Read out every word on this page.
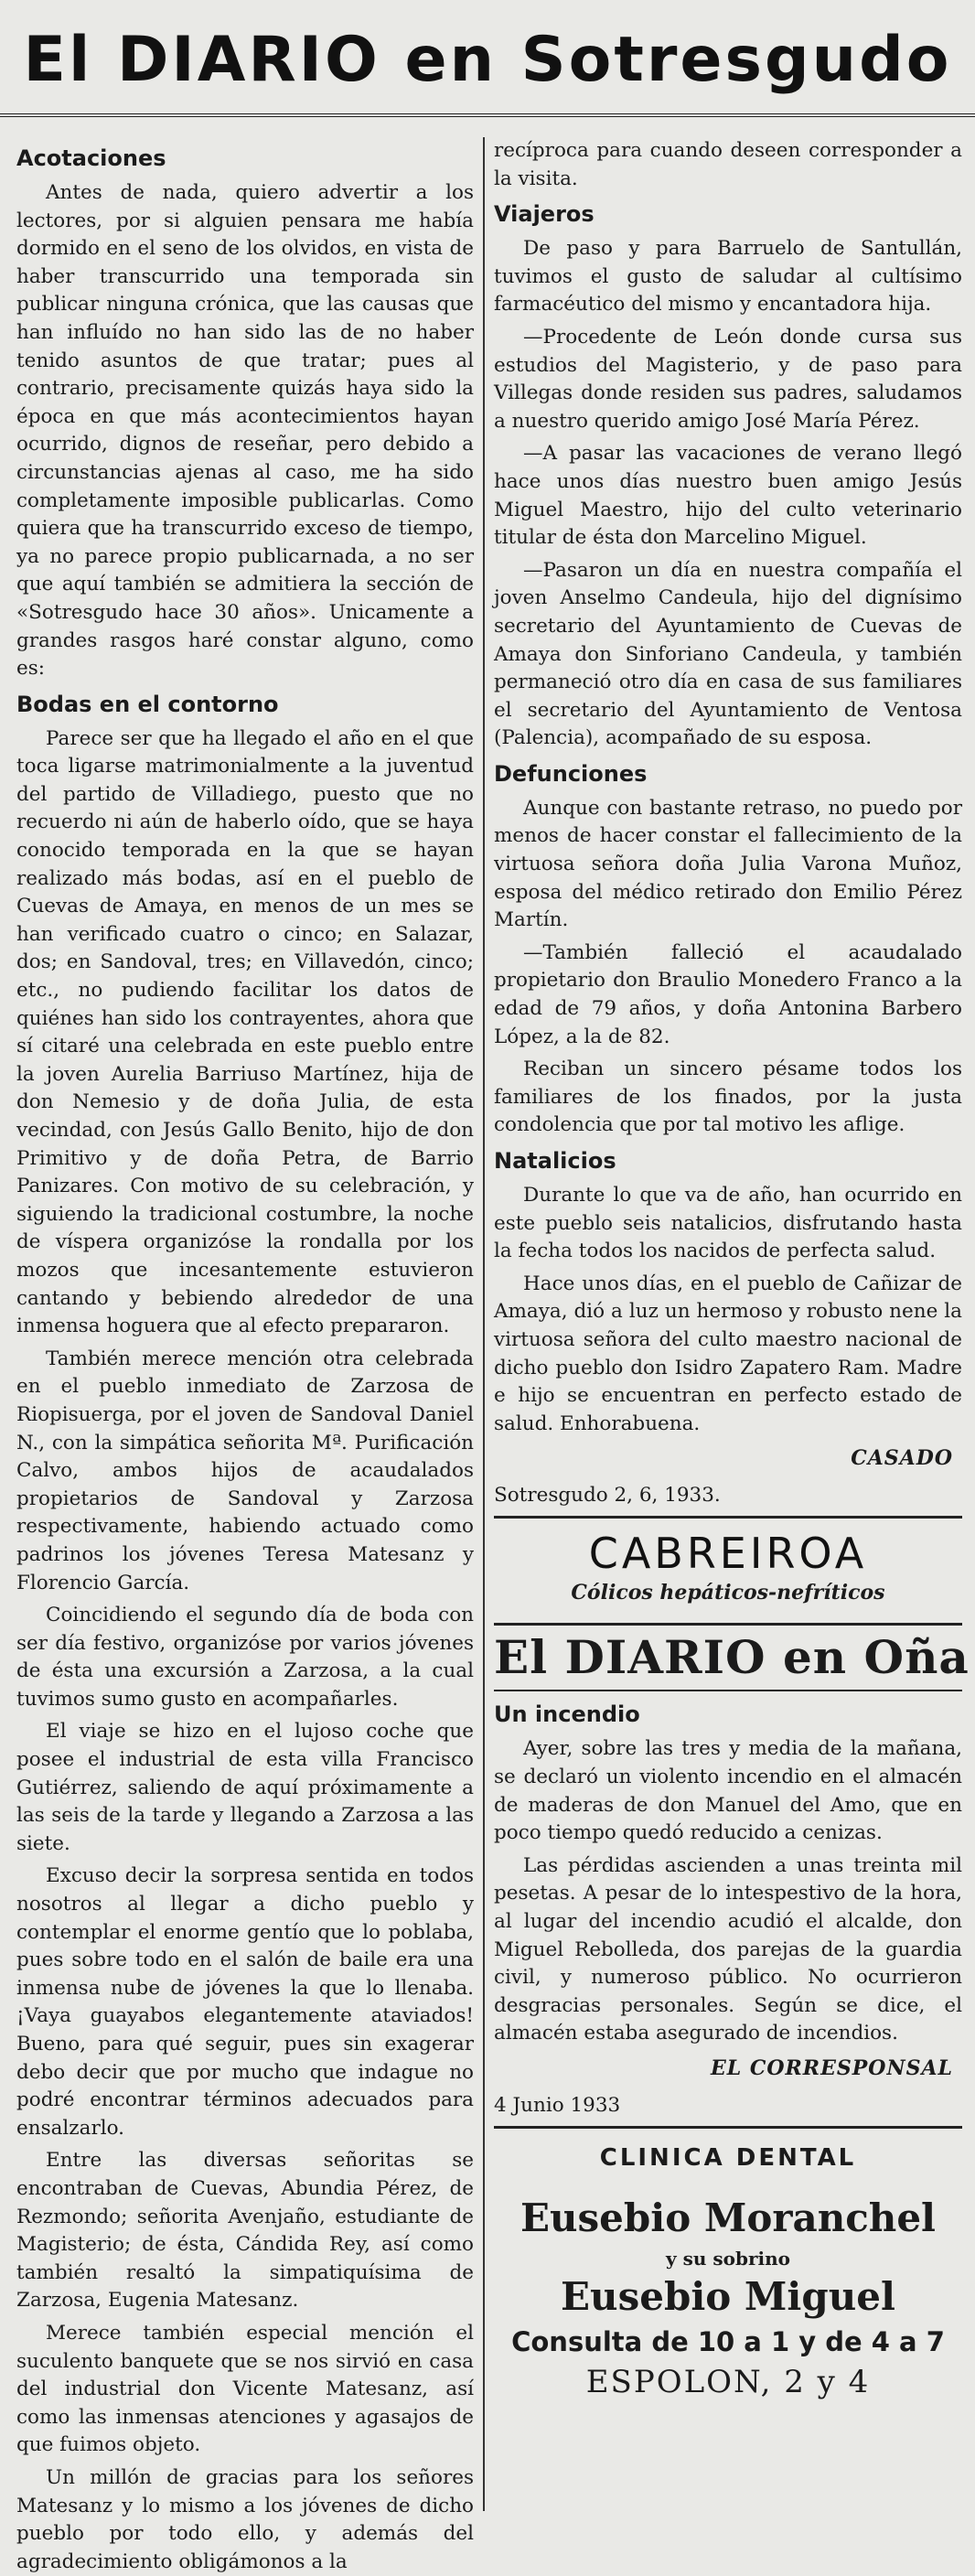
El DIARIO en Sotresgudo
Acotaciones

Antes de nada, quiero advertir a los lectores, por si alguien pensara me había dormido en el seno de los olvidos, en vista de haber transcurrido una temporada sin publicar ninguna crónica, que las causas que han influído no han sido las de no haber tenido asuntos de que tratar; pues al contrario, precisamente quizás haya sido la época en que más acontecimientos hayan ocurrido, dignos de reseñar, pero debido a circunstancias ajenas al caso, me ha sido completamente imposible publicarlas. Como quiera que ha transcurrido exceso de tiempo, ya no parece propio publicarnada, a no ser que aquí también se admitiera la sección de «Sotresgudo hace 30 años». Unicamente a grandes rasgos haré constar alguno, como es:

Bodas en el contorno

Parece ser que ha llegado el año en el que toca ligarse matrimonialmente a la juventud del partido de Villadiego, puesto que no recuerdo ni aún de haberlo oído, que se haya conocido temporada en la que se hayan realizado más bodas, así en el pueblo de Cuevas de Amaya, en menos de un mes se han verificado cuatro o cinco; en Salazar, dos; en Sandoval, tres; en Villavedón, cinco; etc., no pudiendo facilitar los datos de quiénes han sido los contrayentes, ahora que sí citaré una celebrada en este pueblo entre la joven Aurelia Barriuso Martínez, hija de don Nemesio y de doña Julia, de esta vecindad, con Jesús Gallo Benito, hijo de don Primitivo y de doña Petra, de Barrio Panizares. Con motivo de su celebración, y siguiendo la tradicional costumbre, la noche de víspera organizóse la rondalla por los mozos que incesantemente estuvieron cantando y bebiendo alrededor de una inmensa hoguera que al efecto prepararon.

También merece mención otra celebrada en el pueblo inmediato de Zarzosa de Riopisuerga, por el joven de Sandoval Daniel N., con la simpática señorita Mª. Purificación Calvo, ambos hijos de acaudalados propietarios de Sandoval y Zarzosa respectivamente, habiendo actuado como padrinos los jóvenes Teresa Matesanz y Florencio García.

Coincidiendo el segundo día de boda con ser día festivo, organizóse por varios jóvenes de ésta una excursión a Zarzosa, a la cual tuvimos sumo gusto en acompañarles.

El viaje se hizo en el lujoso coche que posee el industrial de esta villa Francisco Gutiérrez, saliendo de aquí próximamente a las seis de la tarde y llegando a Zarzosa a las siete.

Excuso decir la sorpresa sentida en todos nosotros al llegar a dicho pueblo y contemplar el enorme gentío que lo poblaba, pues sobre todo en el salón de baile era una inmensa nube de jóvenes la que lo llenaba. ¡Vaya guayabos elegantemente ataviados! Bueno, para qué seguir, pues sin exagerar debo decir que por mucho que indague no podré encontrar términos adecuados para ensalzarlo.

Entre las diversas señoritas se encontraban de Cuevas, Abundia Pérez, de Rezmondo; señorita Avenjaño, estudiante de Magisterio; de ésta, Cándida Rey, así como también resaltó la simpatiquísima de Zarzosa, Eugenia Matesanz.

Merece también especial mención el suculento banquete que se nos sirvió en casa del industrial don Vicente Matesanz, así como las inmensas atenciones y agasajos de que fuimos objeto.

Un millón de gracias para los señores Matesanz y lo mismo a los jóvenes de dicho pueblo por todo ello, y además del agradecimiento obligámonos a la

recíproca para cuando deseen corresponder a la visita.

Viajeros

De paso y para Barruelo de Santullán, tuvimos el gusto de saludar al cultísimo farmacéutico del mismo y encantadora hija.

—Procedente de León donde cursa sus estudios del Magisterio, y de paso para Villegas donde residen sus padres, saludamos a nuestro querido amigo José María Pérez.

—A pasar las vacaciones de verano llegó hace unos días nuestro buen amigo Jesús Miguel Maestro, hijo del culto veterinario titular de ésta don Marcelino Miguel.

—Pasaron un día en nuestra compañía el joven Anselmo Candeula, hijo del dignísimo secretario del Ayuntamiento de Cuevas de Amaya don Sinforiano Candeula, y también permaneció otro día en casa de sus familiares el secretario del Ayuntamiento de Ventosa (Palencia), acompañado de su esposa.

Defunciones

Aunque con bastante retraso, no puedo por menos de hacer constar el fallecimiento de la virtuosa señora doña Julia Varona Muñoz, esposa del médico retirado don Emilio Pérez Martín.

—También falleció el acaudalado propietario don Braulio Monedero Franco a la edad de 79 años, y doña Antonina Barbero López, a la de 82.

Reciban un sincero pésame todos los familiares de los finados, por la justa condolencia que por tal motivo les aflige.

Natalicios

Durante lo que va de año, han ocurrido en este pueblo seis natalicios, disfrutando hasta la fecha todos los nacidos de perfecta salud.

Hace unos días, en el pueblo de Cañizar de Amaya, dió a luz un hermoso y robusto nene la virtuosa señora del culto maestro nacional de dicho pueblo don Isidro Zapatero Ram. Madre e hijo se encuentran en perfecto estado de salud. Enhorabuena.

CASADO
Sotresgudo 2, 6, 1933.
CABREIROA
Cólicos hepáticos-nefríticos
El DIARIO en Oña
Un incendio

Ayer, sobre las tres y media de la mañana, se declaró un violento incendio en el almacén de maderas de don Manuel del Amo, que en poco tiempo quedó reducido a cenizas.

Las pérdidas ascienden a unas treinta mil pesetas. A pesar de lo intespestivo de la hora, al lugar del incendio acudió el alcalde, don Miguel Rebolleda, dos parejas de la guardia civil, y numeroso público. No ocurrieron desgracias personales. Según se dice, el almacén estaba asegurado de incendios.

EL CORRESPONSAL
4 Junio 1933
CLINICA DENTAL
Eusebio Moranchel
y su sobrino
Eusebio Miguel
Consulta de 10 a 1 y de 4 a 7
ESPOLON, 2 y 4
